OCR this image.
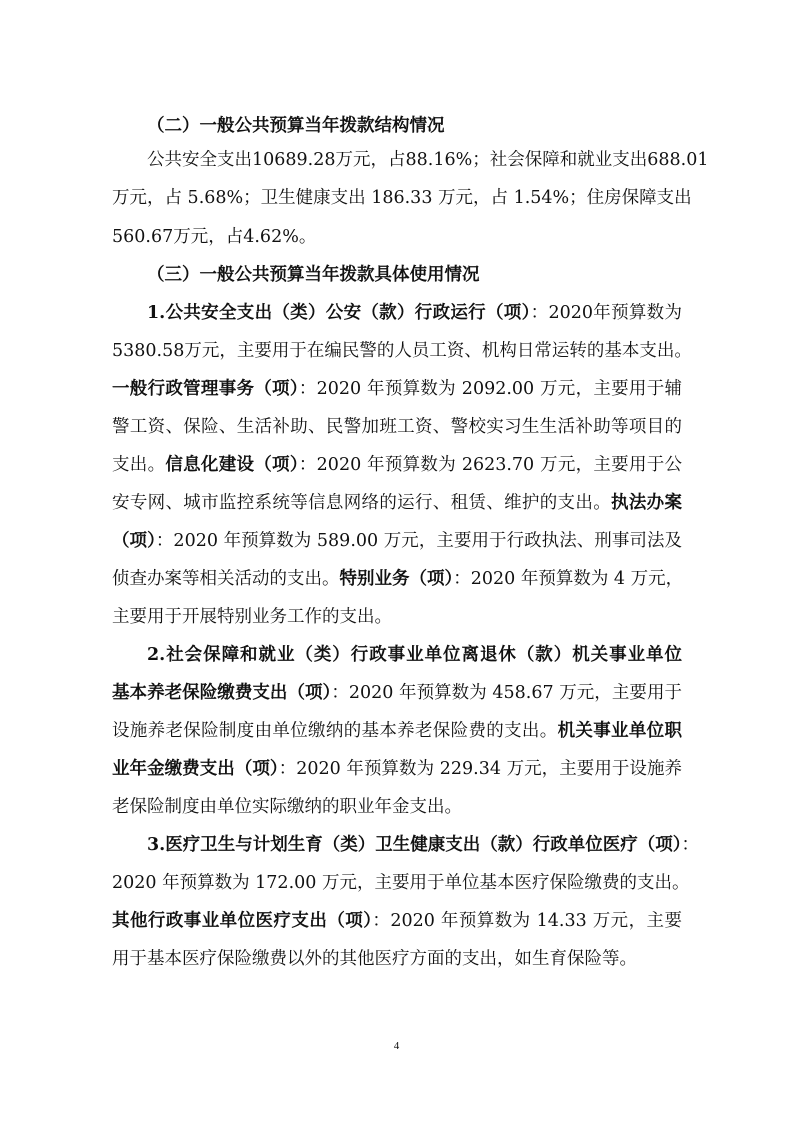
（二）一般公共预算当年拨款结构情况
公共安全支出10689.28万元，占88.16%；社会保障和就业支出688.01
万元，占 5.68%；卫生健康支出 186.33 万元，占 1.54%；住房保障支出
560.67万元，占4.62%。
（三）一般公共预算当年拨款具体使用情况
1.公共安全支出（类）公安（款）行政运行（项）：2020年预算数为
5380.58万元，主要用于在编民警的人员工资、机构日常运转的基本支出。
一般行政管理事务（项）：2020 年预算数为 2092.00 万元，主要用于辅
警工资、保险、生活补助、民警加班工资、警校实习生生活补助等项目的
支出。信息化建设（项）：2020 年预算数为 2623.70 万元，主要用于公
安专网、城市监控系统等信息网络的运行、租赁、维护的支出。执法办案
（项）：2020 年预算数为 589.00 万元，主要用于行政执法、刑事司法及
侦查办案等相关活动的支出。特别业务（项）：2020 年预算数为 4 万元，
主要用于开展特别业务工作的支出。
2.社会保障和就业（类）行政事业单位离退休（款）机关事业单位
基本养老保险缴费支出（项）：2020 年预算数为 458.67 万元，主要用于
设施养老保险制度由单位缴纳的基本养老保险费的支出。机关事业单位职
业年金缴费支出（项）：2020 年预算数为 229.34 万元，主要用于设施养
老保险制度由单位实际缴纳的职业年金支出。
3.医疗卫生与计划生育（类）卫生健康支出（款）行政单位医疗（项）：
2020 年预算数为 172.00 万元，主要用于单位基本医疗保险缴费的支出。
其他行政事业单位医疗支出（项）：2020 年预算数为 14.33 万元，主要
用于基本医疗保险缴费以外的其他医疗方面的支出，如生育保险等。
4
